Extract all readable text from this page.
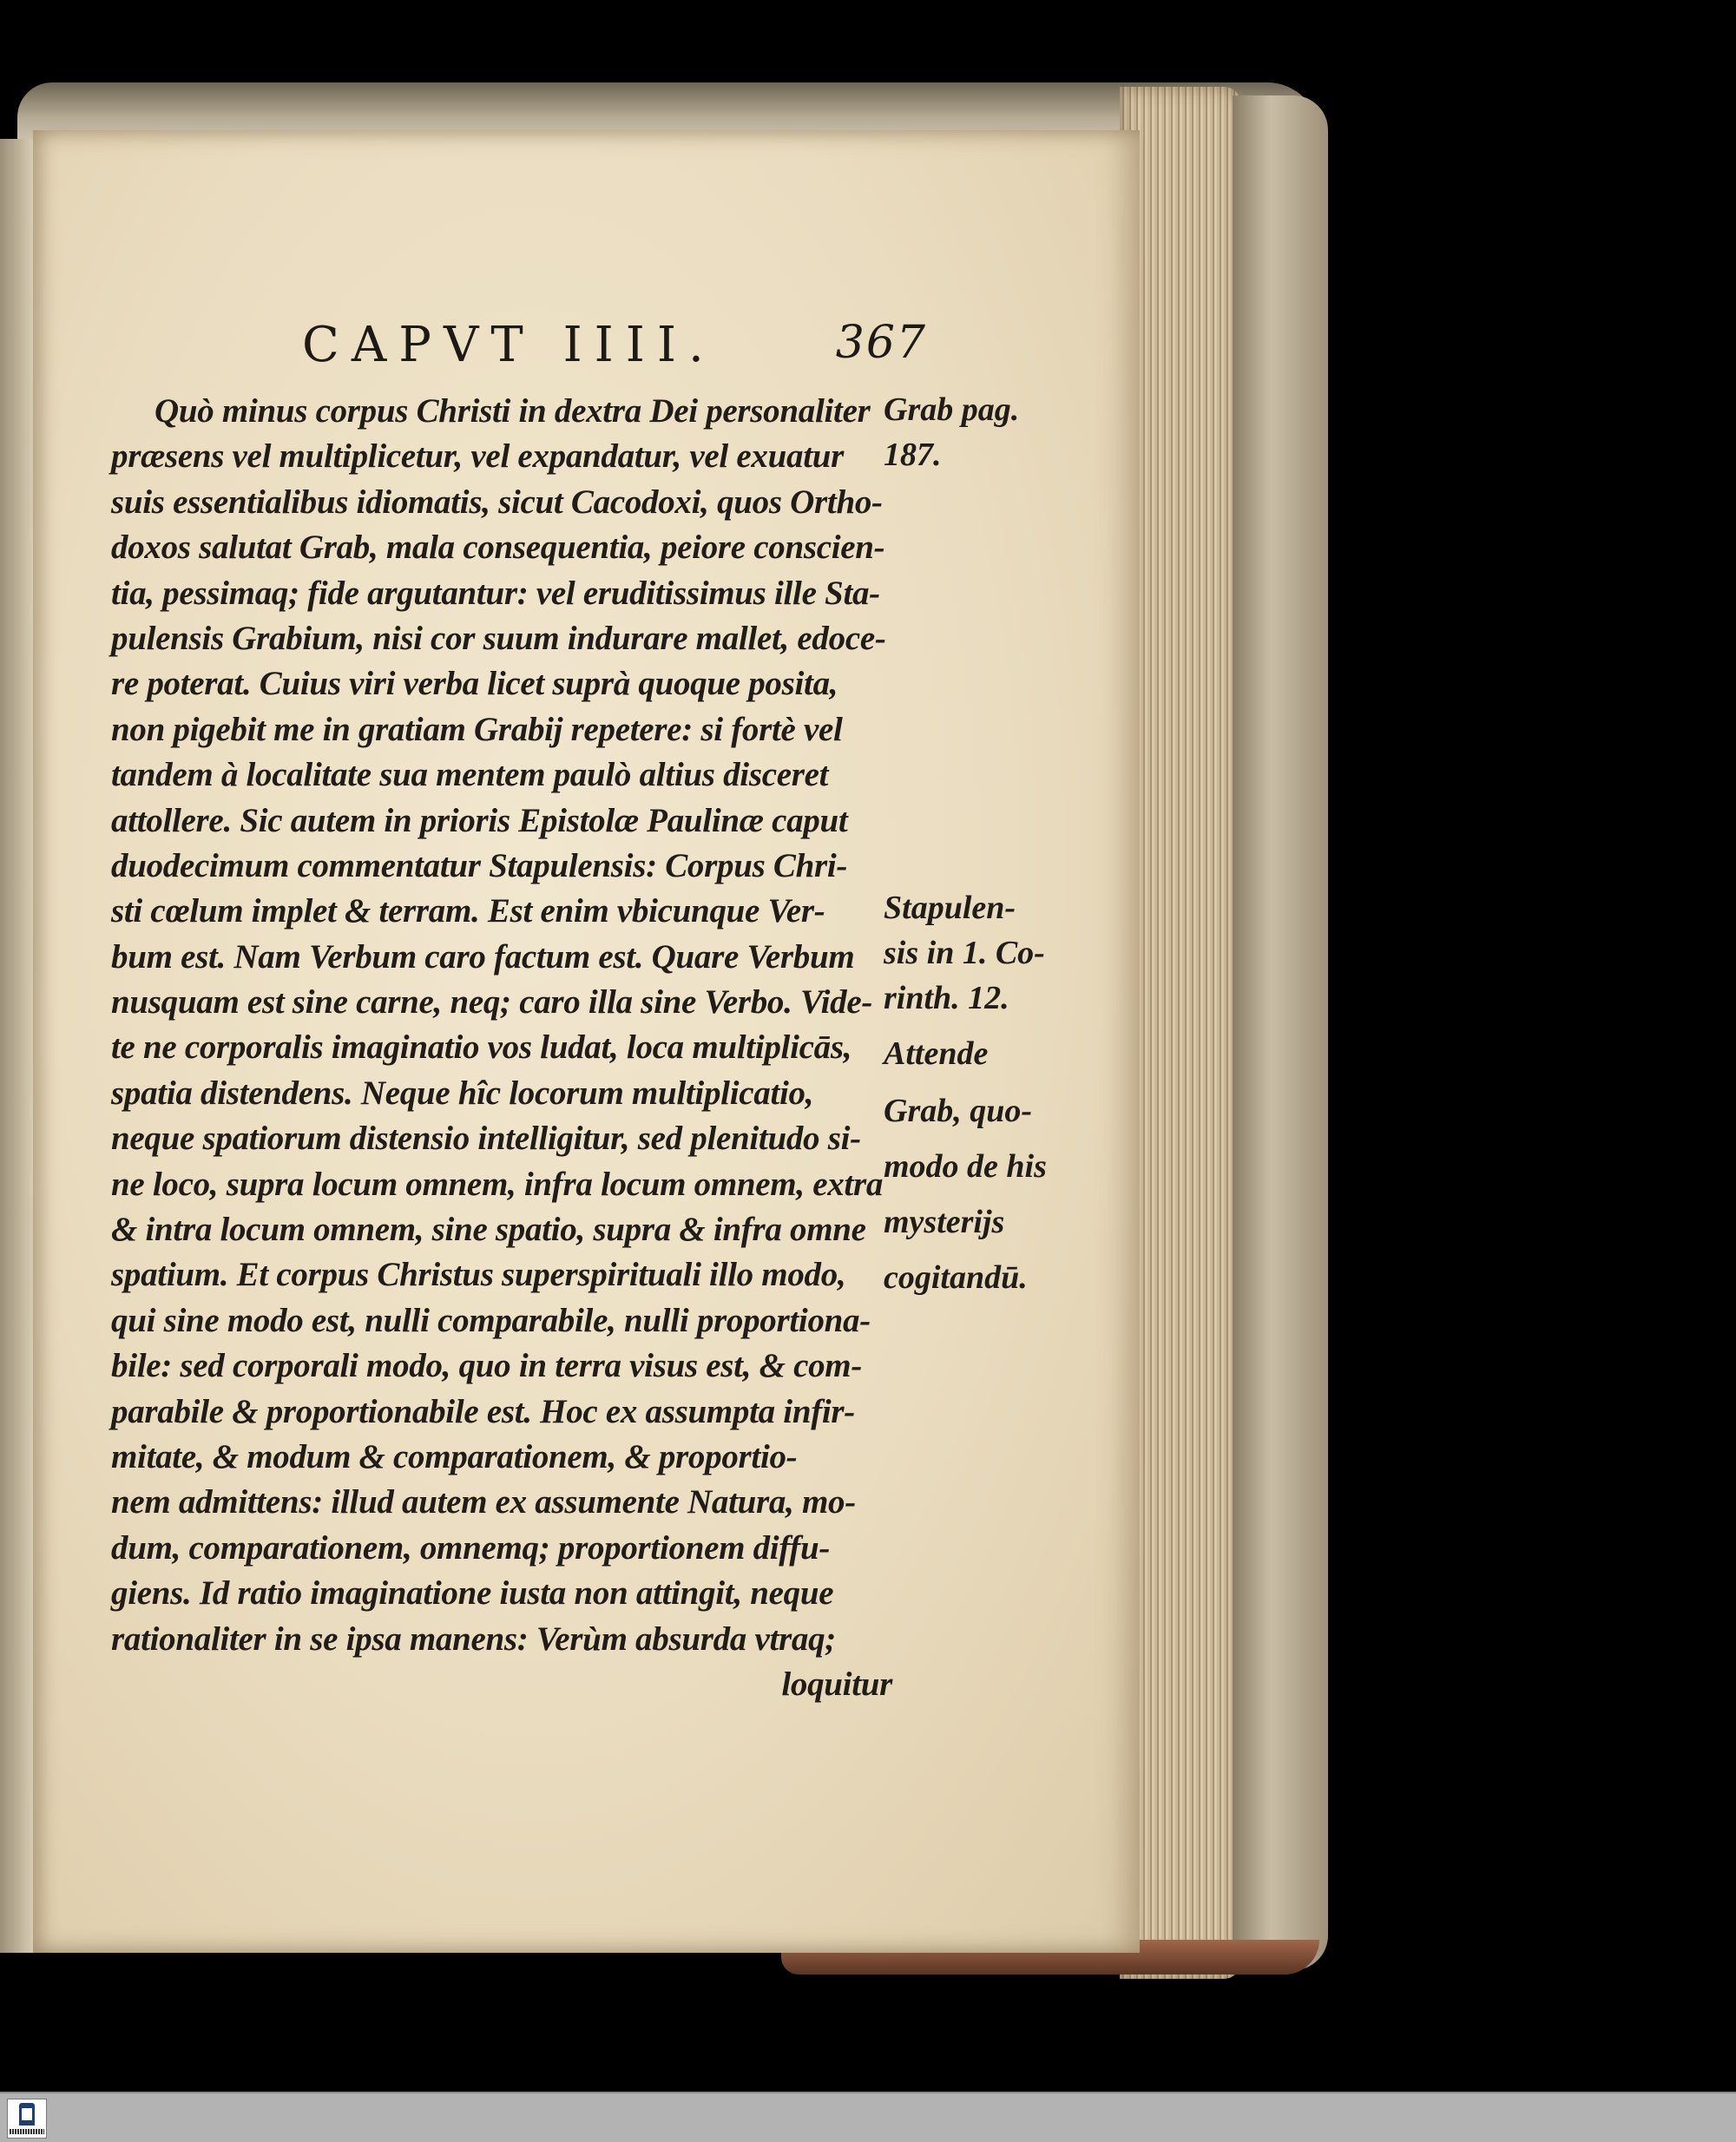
CAPVT IIII.	367
Quò minus corpus Christi in dextra Dei personaliter
præsens vel multiplicetur, vel expandatur, vel exuatur
suis essentialibus idiomatis, sicut Cacodoxi, quos Ortho-
doxos salutat Grab, mala consequentia, peiore conscien-
tia, pessimaq; fide argutantur: vel eruditissimus ille Sta-
pulensis Grabium, nisi cor suum indurare mallet, edoce-
re poterat. Cuius viri verba licet suprà quoque posita,
non pigebit me in gratiam Grabij repetere: si fortè vel
tandem à localitate sua mentem paulò altius disceret
attollere. Sic autem in prioris Epistolæ Paulinæ caput
duodecimum commentatur Stapulensis: Corpus Chri-
sti cœlum implet & terram. Est enim vbicunque Ver-
bum est. Nam Verbum caro factum est. Quare Verbum
nusquam est sine carne, neq; caro illa sine Verbo. Vide-
te ne corporalis imaginatio vos ludat, loca multiplicās,
spatia distendens. Neque hîc locorum multiplicatio,
neque spatiorum distensio intelligitur, sed plenitudo si-
ne loco, supra locum omnem, infra locum omnem, extra
& intra locum omnem, sine spatio, supra & infra omne
spatium. Et corpus Christus superspirituali illo modo,
qui sine modo est, nulli comparabile, nulli proportiona-
bile: sed corporali modo, quo in terra visus est, & com-
parabile & proportionabile est. Hoc ex assumpta infir-
mitate, & modum & comparationem, & proportio-
nem admittens: illud autem ex assumente Natura, mo-
dum, comparationem, omnemq; proportionem diffu-
giens. Id ratio imaginatione iusta non attingit, neque
rationaliter in se ipsa manens: Verùm absurda vtraq;
loquitur
Grab pag.
187.
Stapulen-
sis in 1. Co-
rinth. 12.
Attende
Grab, quo-
modo de his
mysterijs
cogitandū.
